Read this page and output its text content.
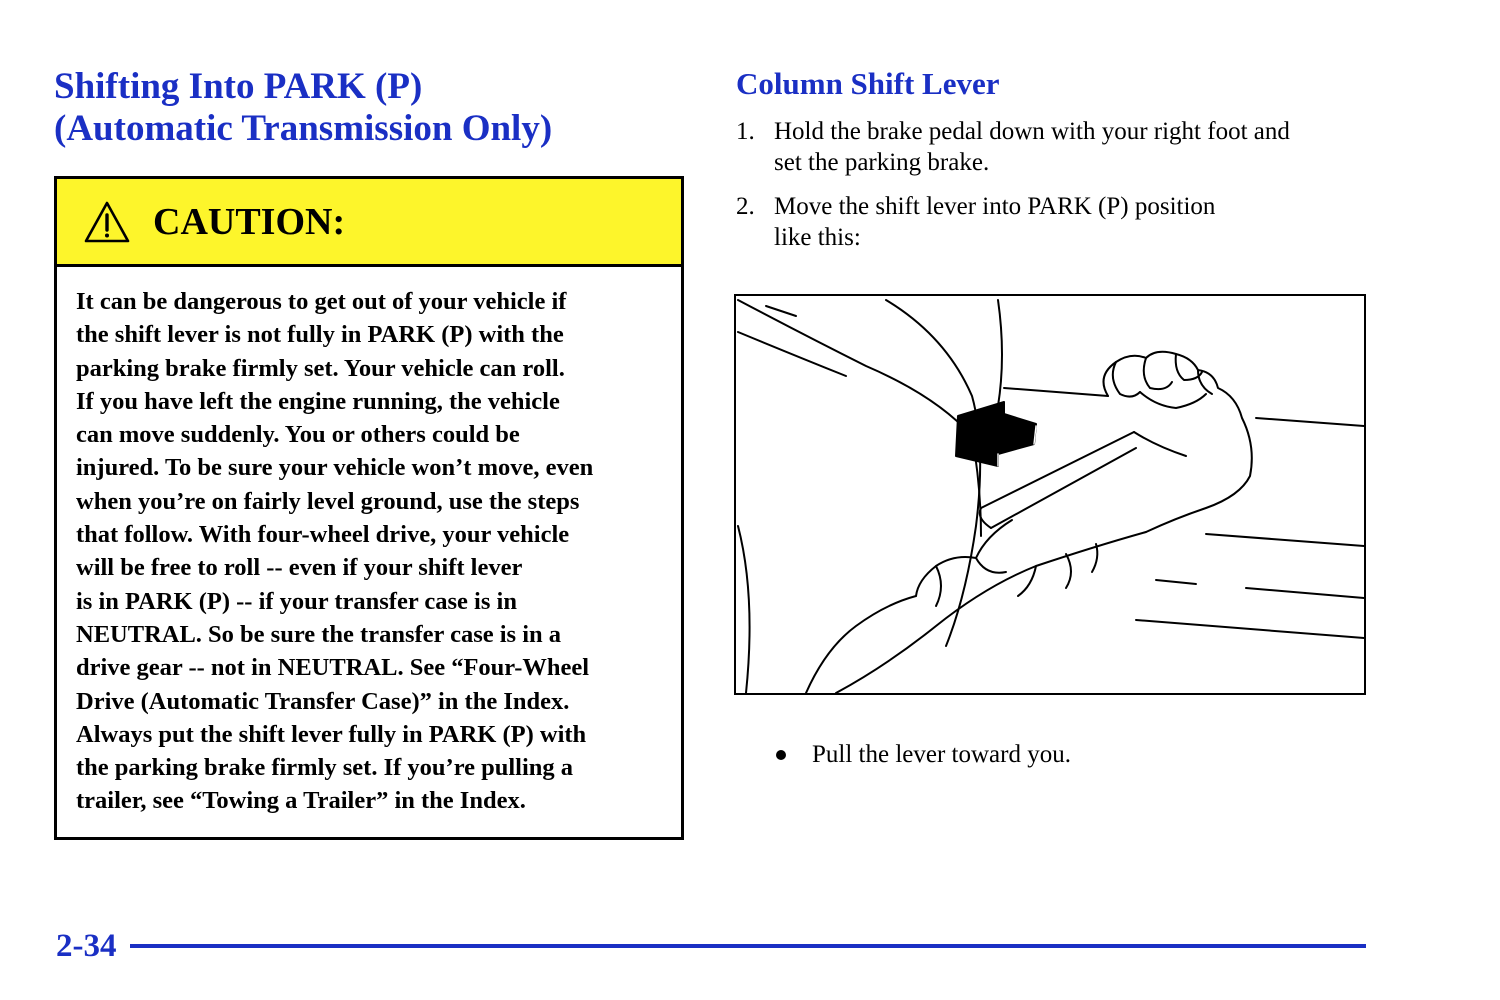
Shifting Into PARK (P)
(Automatic Transmission Only)
CAUTION:

It can be dangerous to get out of your vehicle if
the shift lever is not fully in PARK (P) with the
parking brake firmly set. Your vehicle can roll.
If you have left the engine running, the vehicle
can move suddenly. You or others could be
injured. To be sure your vehicle won’t move, even
when you’re on fairly level ground, use the steps
that follow. With four-wheel drive, your vehicle
will be free to roll -- even if your shift lever
is in PARK (P) -- if your transfer case is in
NEUTRAL. So be sure the transfer case is in a
drive gear -- not in NEUTRAL. See “Four-Wheel
Drive (Automatic Transfer Case)” in the Index.
Always put the shift lever fully in PARK (P) with
the parking brake firmly set. If you’re pulling a
trailer, see “Towing a Trailer” in the Index.

Column Shift Lever
1. Hold the brake pedal down with your right foot and
set the parking brake.
2. Move the shift lever into PARK (P) position
like this:
Pull the lever toward you.
2-34
